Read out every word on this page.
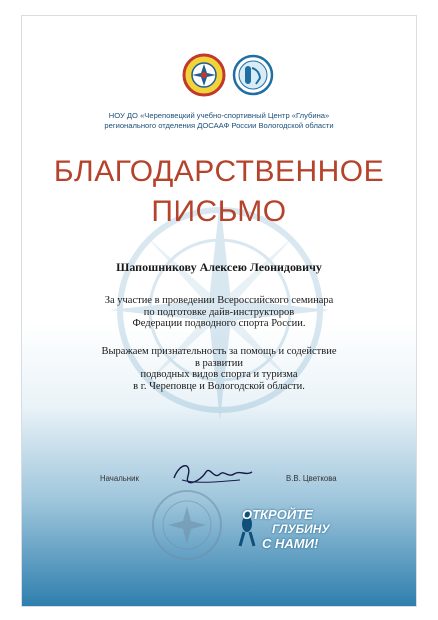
НОУ ДО «Череповецкий учебно-спортивный Центр «Глубина»
регионального отделения ДОСААФ России Вологодской области
БЛАГОДАРСТВЕННОЕ
ПИСЬМО
Шапошникову Алексею Леонидовичу
За участие в проведении Всероссийского семинара
по подготовке дайв-инструкторов
Федерации подводного спорта России.
Выражаем признательность за помощь и содействие
в развитии
подводных видов спорта и туризма
в г. Череповце и Вологодской области.
Начальник	В.В. Цветкова
ОТКРОЙТЕ
ГЛУБИНУ
С НАМИ!
